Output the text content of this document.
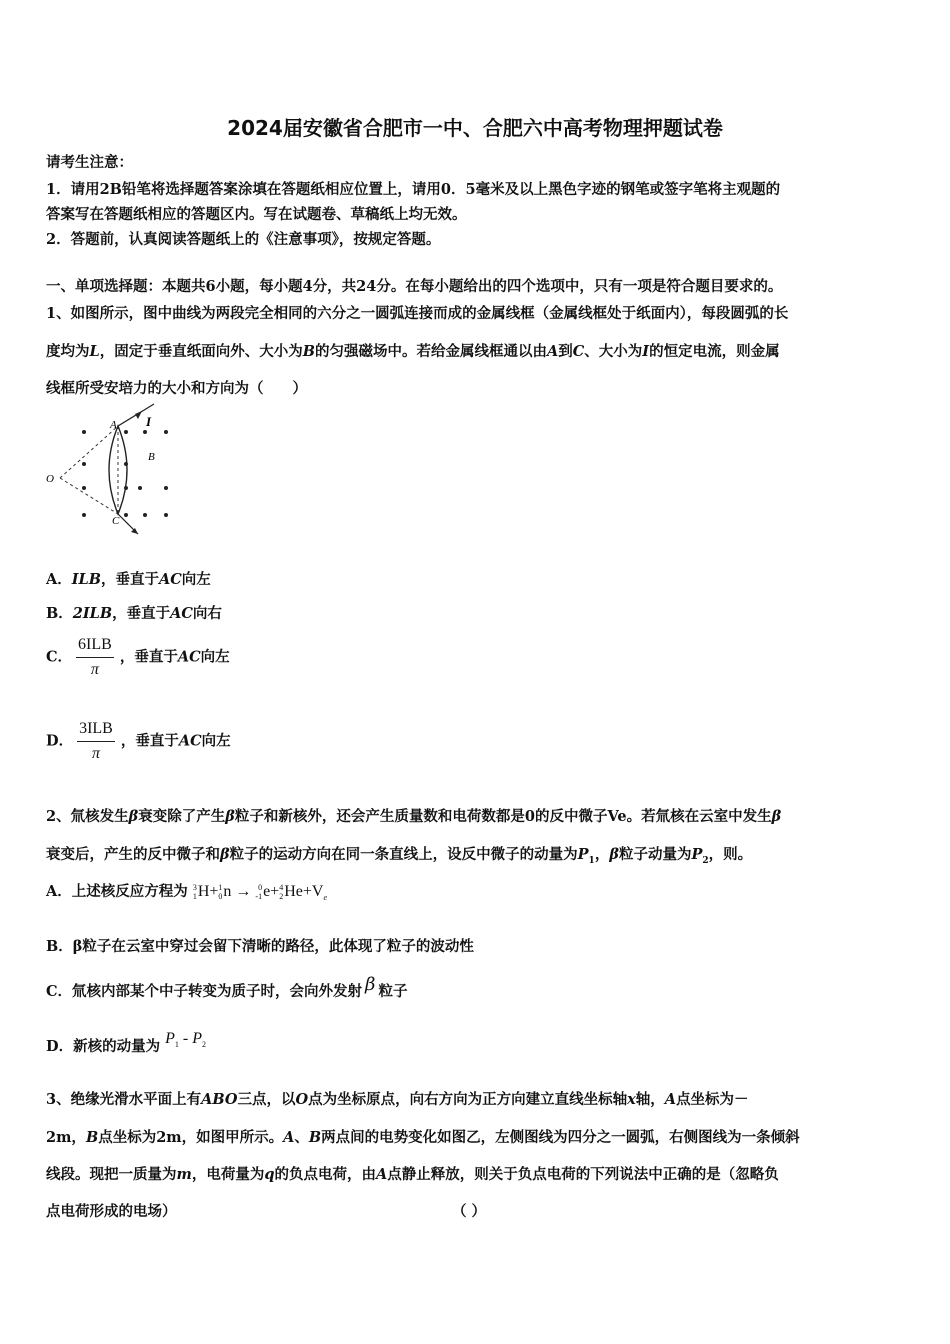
2024届安徽省合肥市一中、合肥六中高考物理押题试卷
请考生注意：
1．请用2B铅笔将选择题答案涂填在答题纸相应位置上，请用0．5毫米及以上黑色字迹的钢笔或签字笔将主观题的
答案写在答题纸相应的答题区内。写在试题卷、草稿纸上均无效。
2．答题前，认真阅读答题纸上的《注意事项》，按规定答题。
一、单项选择题：本题共6小题，每小题4分，共24分。在每小题给出的四个选项中，只有一项是符合题目要求的。
1、如图所示，图中曲线为两段完全相同的六分之一圆弧连接而成的金属线框（金属线框处于纸面内），每段圆弧的长
度均为L，固定于垂直纸面向外、大小为B的匀强磁场中。若给金属线框通以由A到C、大小为I的恒定电流，则金属
线框所受安培力的大小和方向为（　　）
A I
B
O
C
A．ILB，垂直于AC向左
B．2ILB，垂直于AC向右
C． $\frac{\text{6ILB}}{\pi}$ ，垂直于AC向左
D． $\frac{\text{3ILB}}{\pi}$ ，垂直于AC向左
2、氚核发生β衰变除了产生β粒子和新核外，还会产生质量数和电荷数都是0的反中微子Ve。若氚核在云室中发生β
衰变后，产生的反中微子和β粒子的运动方向在同一条直线上，设反中微子的动量为$P_1$，β粒子动量为$P_2$，则。
A．上述核反应方程为 3
1 H+ 1
0 n → 0
-1 e+ 4
2 $He+V_e$
B．β粒子在云室中穿过会留下清晰的路径，此体现了粒子的波动性
C．氚核内部某个中子转变为质子时，会向外发射 β 粒子
D．新核的动量为 $P_1 - P_2$
3、绝缘光滑水平面上有ABO三点，以O点为坐标原点，向右方向为正方向建立直线坐标轴x轴，A点坐标为－
2m，B点坐标为2m，如图甲所示。A、B两点间的电势变化如图乙，左侧图线为四分之一圆弧，右侧图线为一条倾斜
线段。现把一质量为m，电荷量为q的负点电荷，由A点静止释放，则关于负点电荷的下列说法中正确的是（忽略负
点电荷形成的电场）	（ ）
